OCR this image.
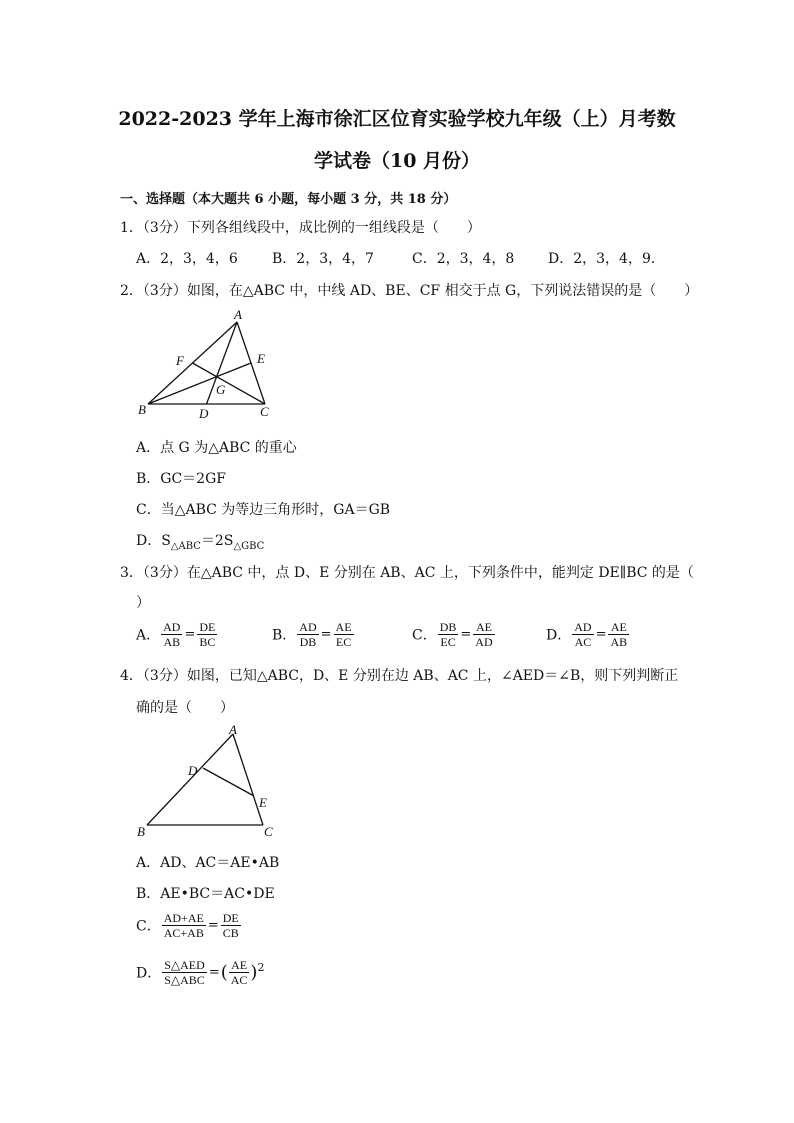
2022-2023 学年上海市徐汇区位育实验学校九年级（上）月考数
学试卷（10 月份）
一、选择题（本大题共 6 小题，每小题 3 分，共 18 分）
1．（3分）下列各组线段中，成比例的一组线段是（　　）
A．2，3，4，6 B．2，3，4，7	C．2，3，4，8 D．2，3，4，9．
2．（3分）如图，在△ABC 中，中线 AD、BE、CF 相交于点 G，下列说法错误的是（　　）
A
B	C
D
E
F
G
A．点 G 为△ABC 的重心
B．GC＝2GF
C．当△ABC 为等边三角形时，GA＝GB
D．$S_{\triangle ABC}=2S_{\triangle GBC}$
3．（3分）在△ABC 中，点 D、E 分别在 AB、AC 上，下列条件中，能判定 DE∥BC 的是（
）
A． $\frac{AD}{AB} = \frac{DE}{BC}$	B． $\frac{AD}{DB} = \frac{AE}{EC}$	C． $\frac{DB}{EC} = \frac{AE}{AD}$	D． $\frac{AD}{AC} = \frac{AE}{AB}$
4．（3分）如图，已知△ABC，D、E 分别在边 AB、AC 上，∠AED＝∠B，则下列判断正
确的是（　　）
A
B	C
D
E
A．AD、AC＝AE•AB
B．AE•BC＝AC•DE
C． $\frac{AD+AE}{AC+AB} = \frac{DE}{CB}$
D． $\frac{\text{S△AED}}{\text{S△ABC}}$ =( $\frac{AE}{AC} )^2$
